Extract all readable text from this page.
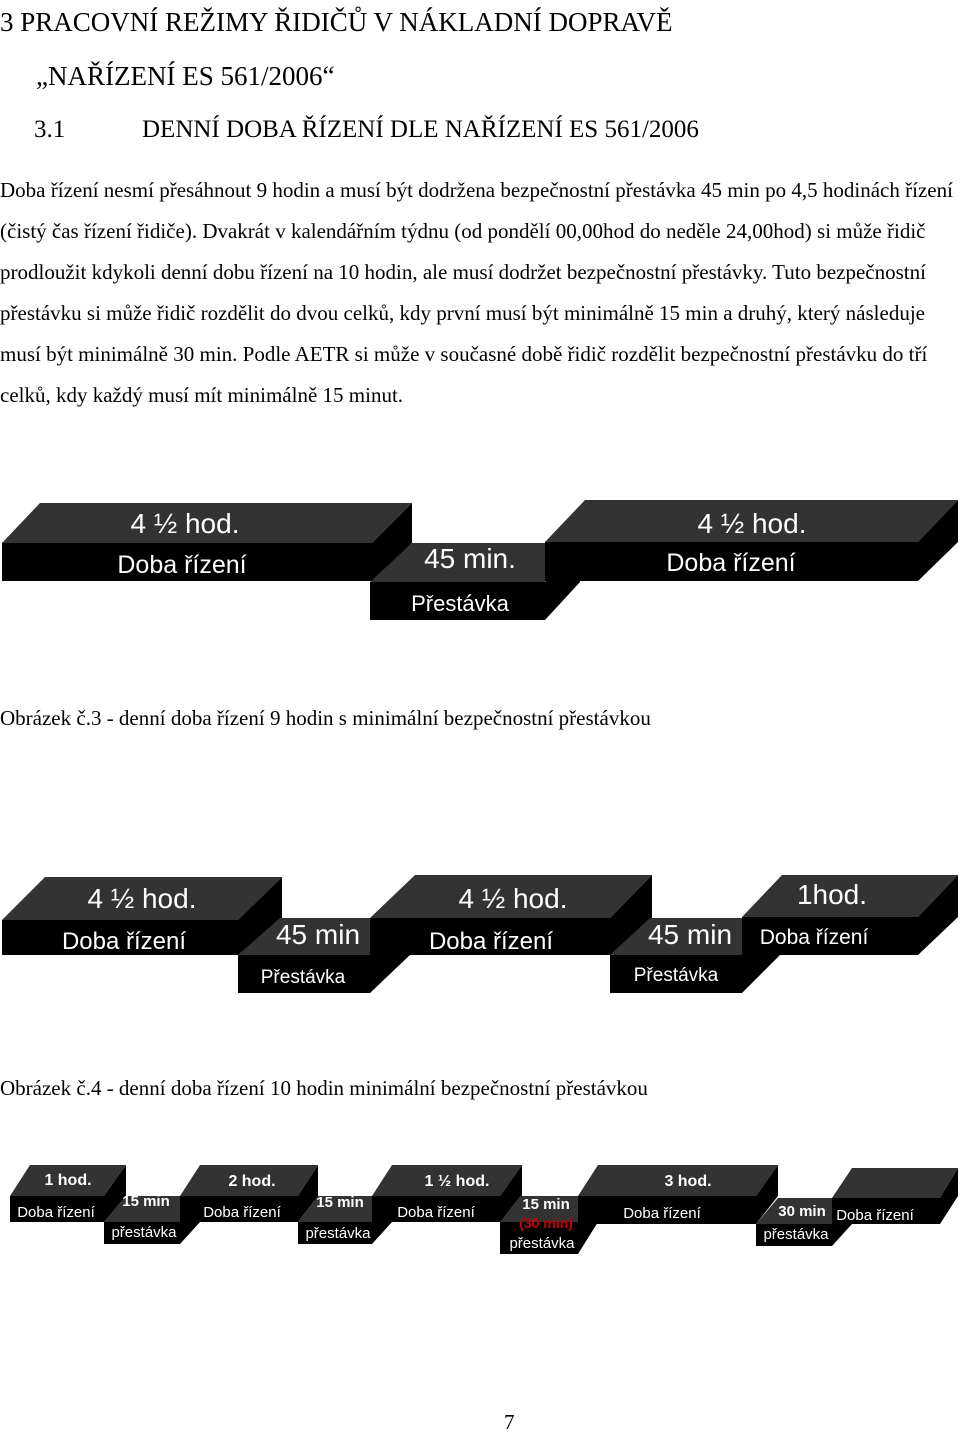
3 PRACOVNÍ REŽIMY ŘIDIČŮ V NÁKLADNÍ DOPRAVĚ
„NAŘÍZENÍ ES 561/2006“
3.1	DENNÍ DOBA ŘÍZENÍ DLE NAŘÍZENÍ ES 561/2006

Doba řízení nesmí přesáhnout 9 hodin a musí být dodržena bezpečnostní přestávka 45 min po 4,5 hodinách řízení (čistý čas řízení řidiče). Dvakrát v kalendářním týdnu (od pondělí 00,00hod do neděle 24,00hod) si může řidič prodloužit kdykoli denní dobu řízení na 10 hodin, ale musí dodržet bezpečnostní přestávky. Tuto bezpečnostní přestávku si může řidič rozdělit do dvou celků, kdy první musí být minimálně 15 min a druhý, který následuje musí být minimálně 30 min. Podle AETR si může v současné době řidič rozdělit bezpečnostní přestávku do tří celků, kdy každý musí mít minimálně 15 minut.

4 ½ hod.
Doba řízení	45 min.
Přestávka
4 ½ hod.
Doba řízení
4 ½ hod.
Doba řízení	45 min
Přestávka
4 ½ hod.
Doba řízení	45 min
Přestávka
1hod.
Doba řízení
1 hod.
Doba řízení
15 min
přestávka
2 hod.
Doba řízení
15 min
přestávka
1 ½ hod.
Doba řízení	15 min
(30 min)
přestávka
3 hod.
Doba řízení	30 min
přestávka
Doba řízení
Obrázek č.3 - denní doba řízení 9 hodin s minimální bezpečnostní přestávkou
Obrázek č.4 - denní doba řízení 10 hodin minimální bezpečnostní přestávkou
7
